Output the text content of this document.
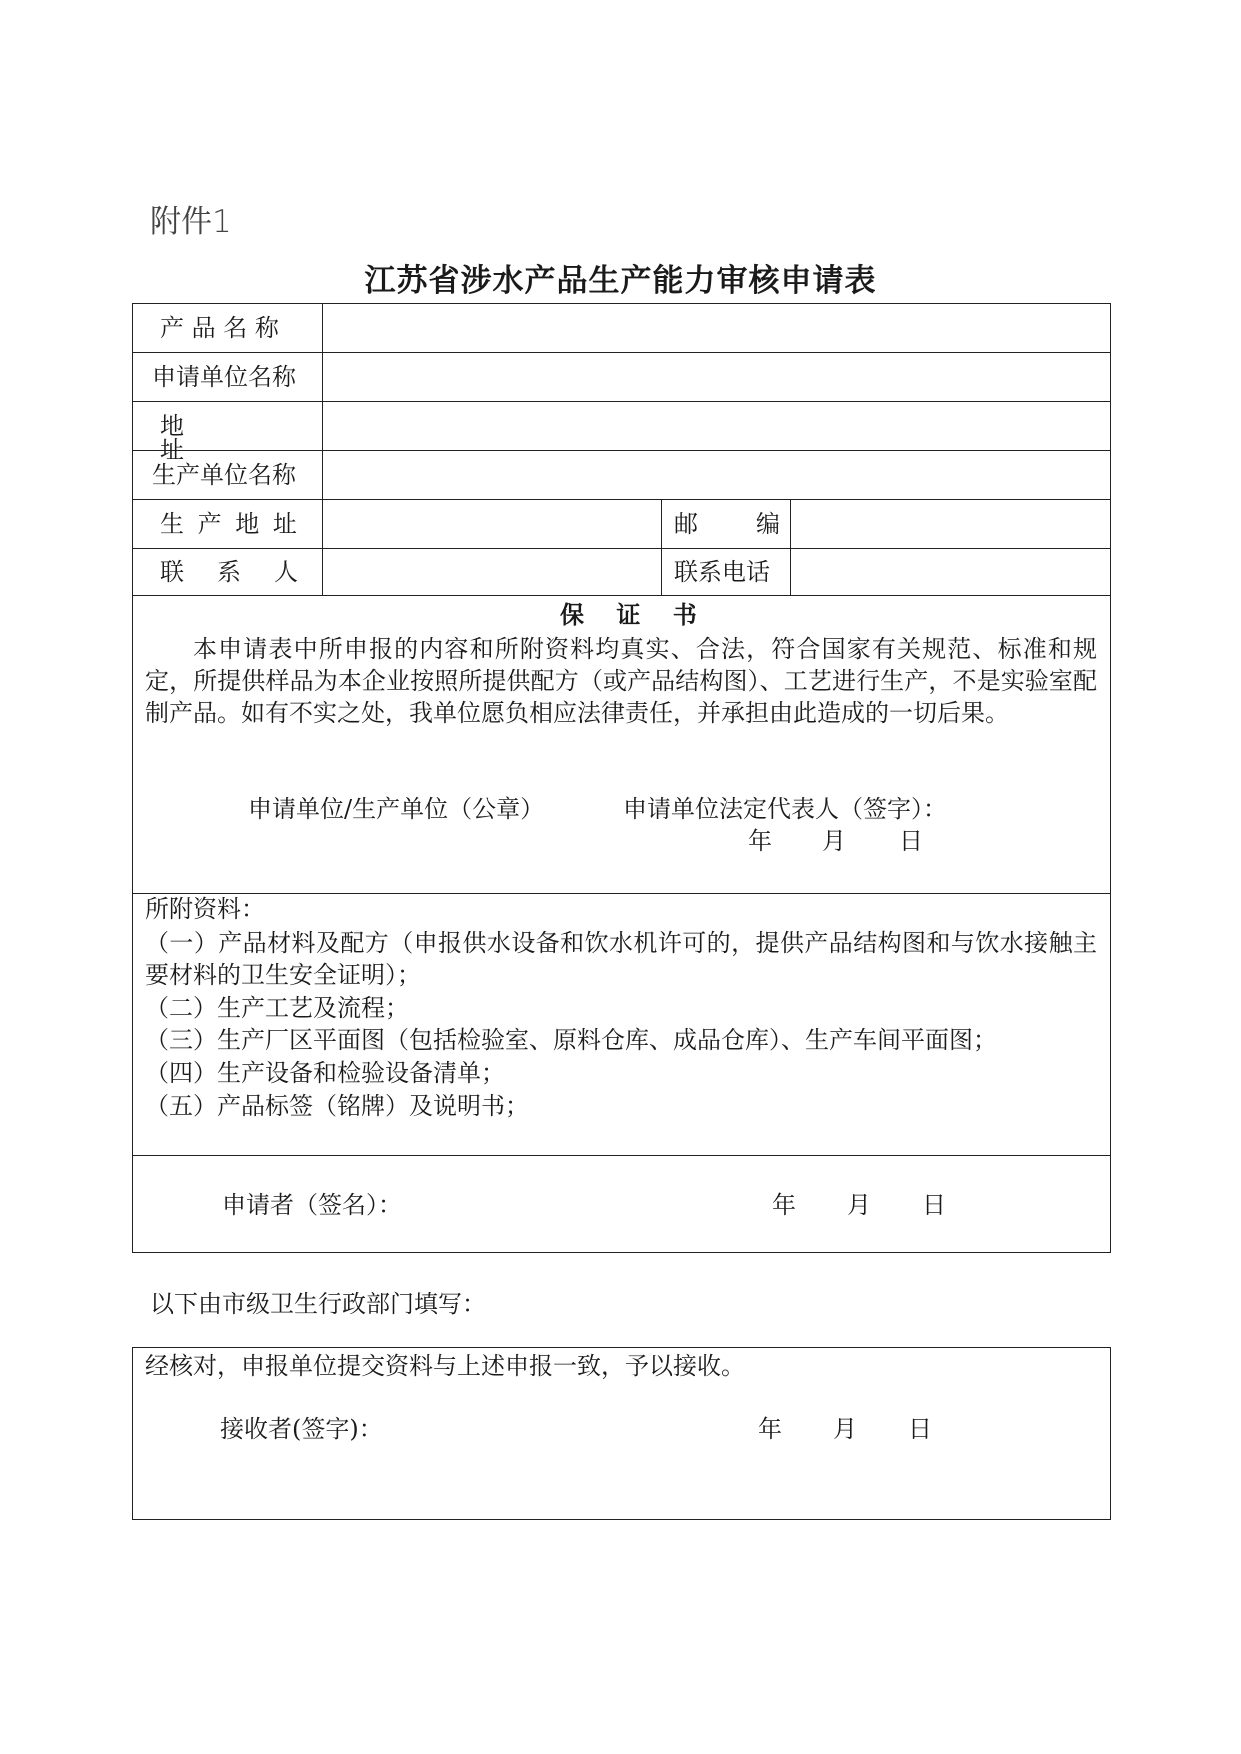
附件1
江苏省涉水产品生产能力审核申请表
产 品 名 称
申请单位名称
地址
生产单位名称
生 产 地 址	邮编
联系人	联系电话
保 证 书
本申请表中所申报的内容和所附资料均真实、合法，符合国家有关规范、标准和规定，所提供样品为本企业按照所提供配方（或产品结构图）、工艺进行生产，不是实验室配制产品。如有不实之处，我单位愿负相应法律责任，并承担由此造成的一切后果。
申请单位/生产单位（公章）	申请单位法定代表人（签字）：
年 月 日
所附资料：
（一）产品材料及配方（申报供水设备和饮水机许可的，提供产品结构图和与饮水接触主要材料的卫生安全证明）；
（二）生产工艺及流程；
（三）生产厂区平面图（包括检验室、原料仓库、成品仓库）、生产车间平面图；
（四）生产设备和检验设备清单；
（五）产品标签（铭牌）及说明书；
申请者（签名）：	年 月 日
以下由市级卫生行政部门填写：
经核对，申报单位提交资料与上述申报一致，予以接收。
接收者(签字)：	年 月 日
